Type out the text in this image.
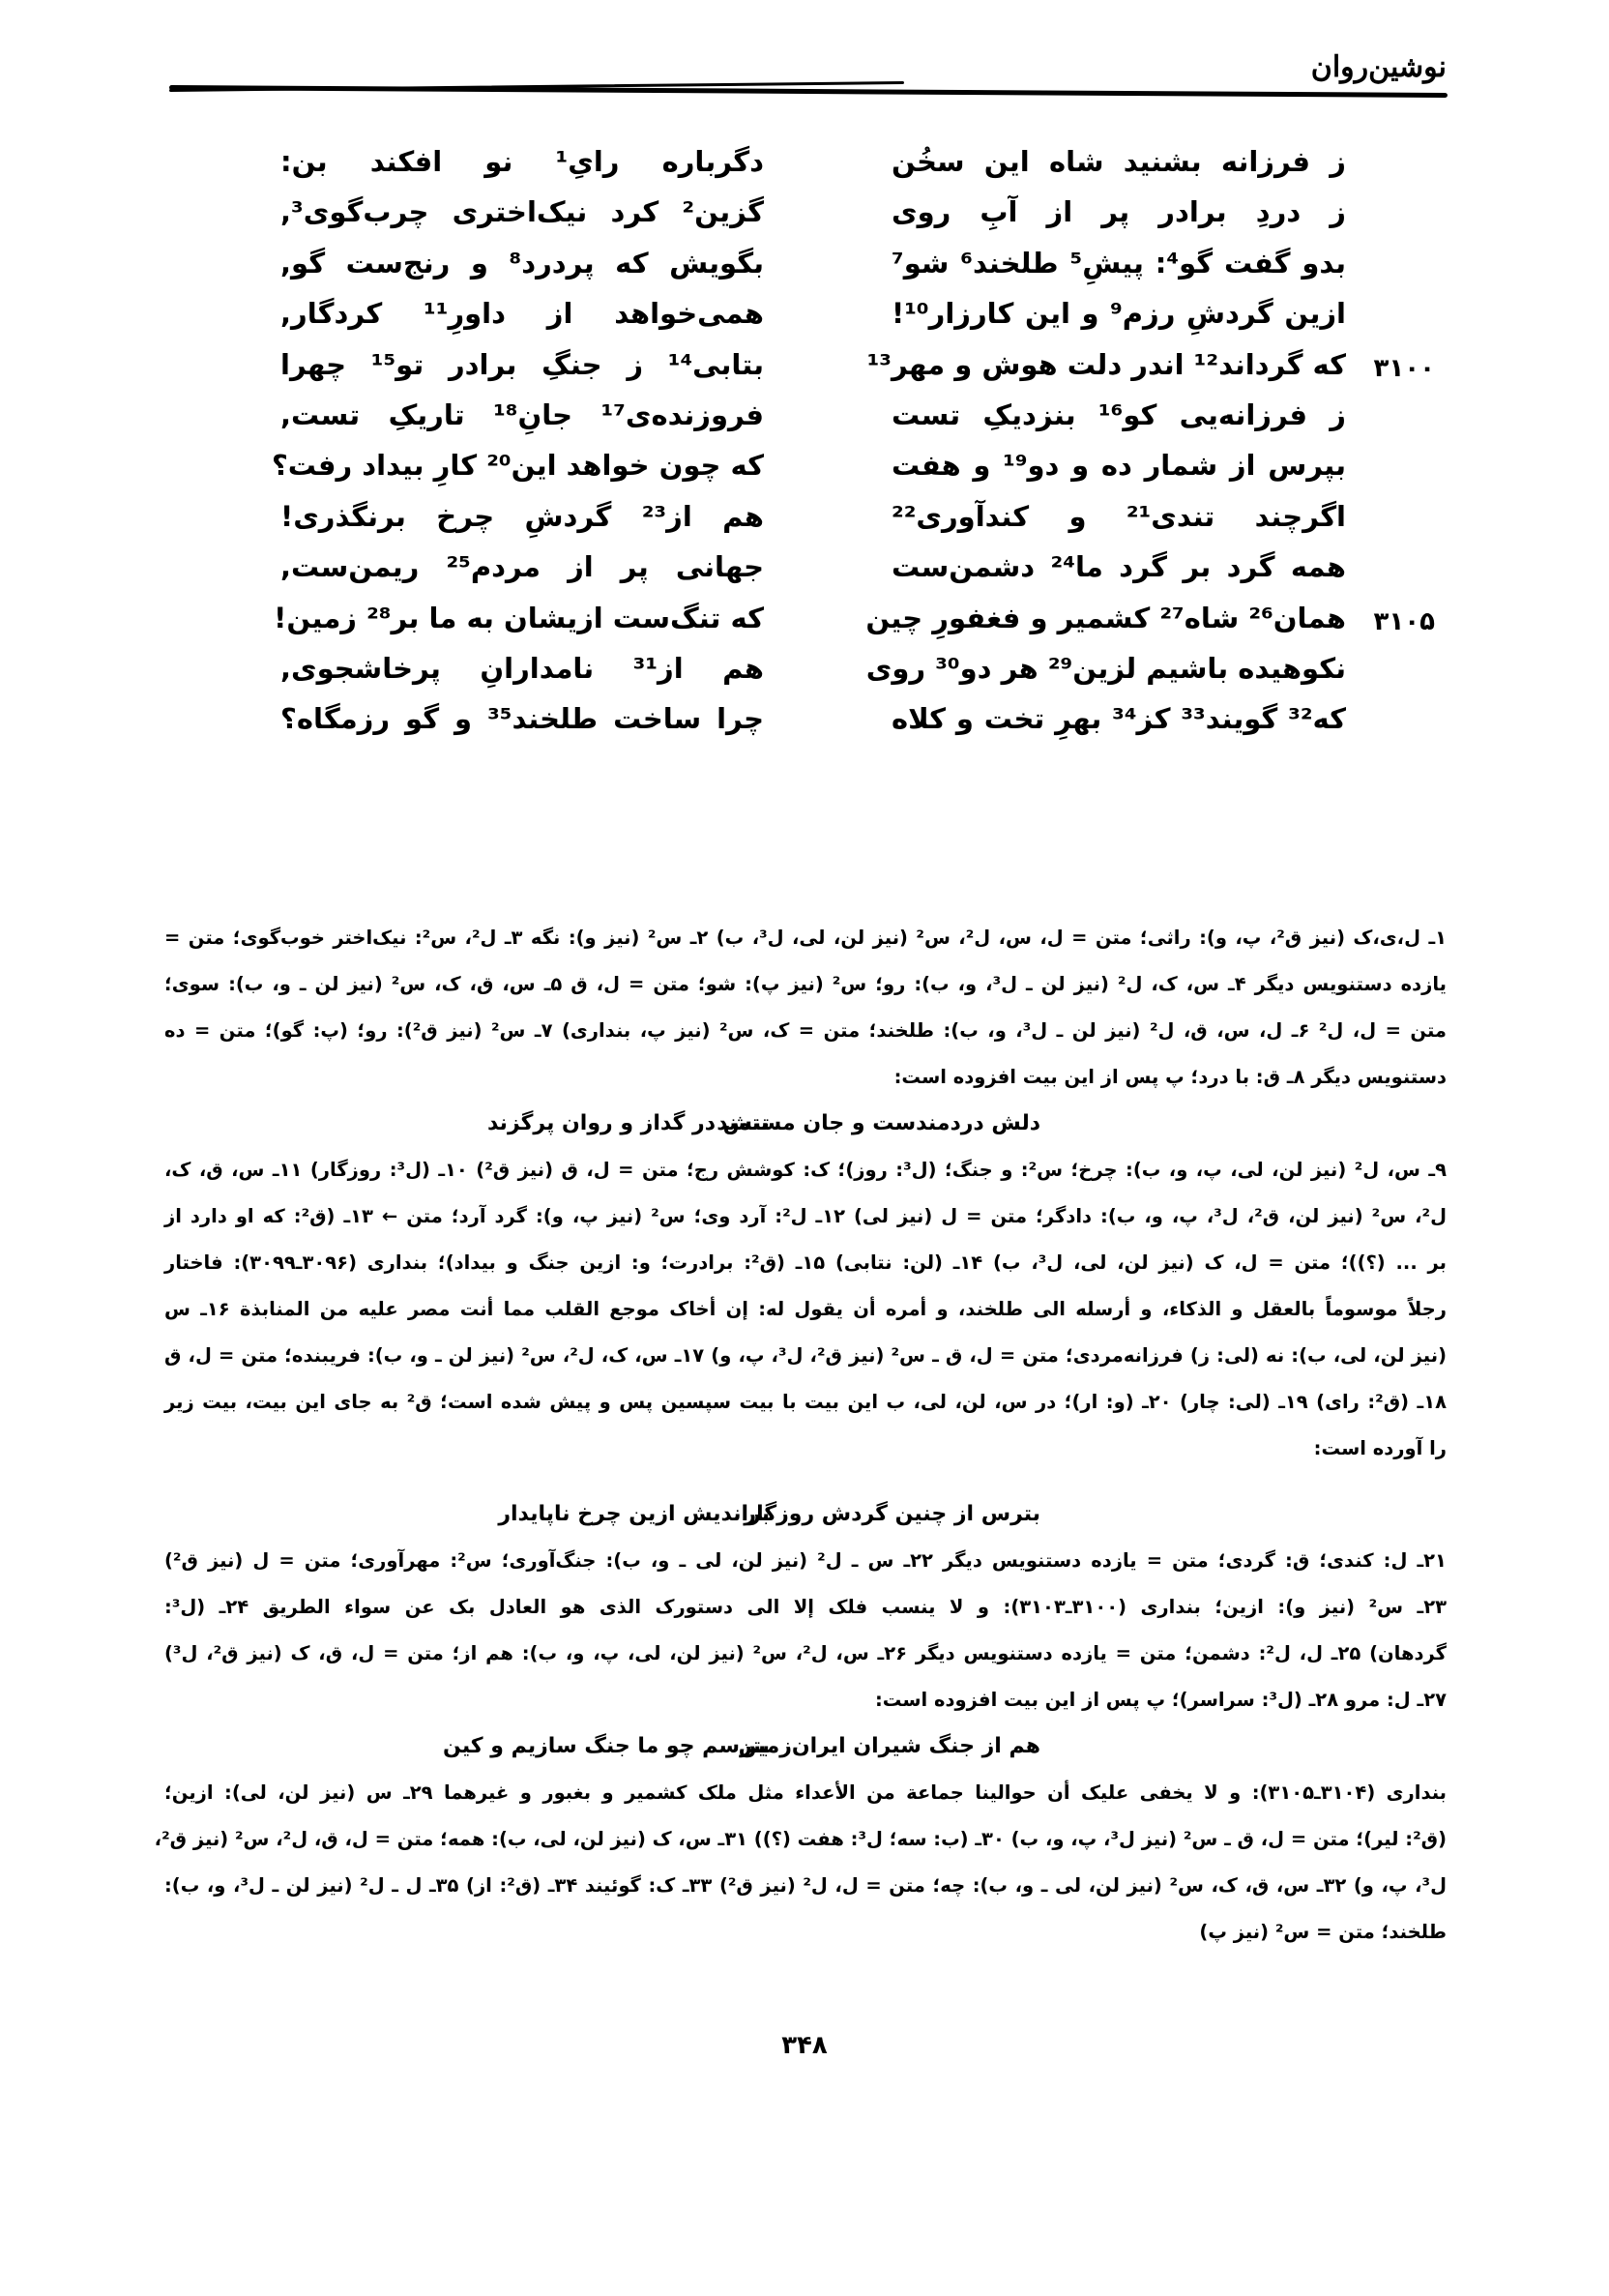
نوشین‌روان
ز فرزانه بشنید شاه این سخُن
دگرباره رایِ¹ نو افکند بن:
ز دردِ برادر پر از آبِ روی
گزین² کرد نیک‌اختری چرب‌گوی³,
بدو گفت گو⁴: پیشِ⁵ طلخند⁶ شو⁷
بگویش که پردرد⁸ و رنج‌ست گو,
ازین گردشِ رزم⁹ و این کارزار¹⁰!
همی‌خواهد از داورِ¹¹ کردگار,
۳۱۰۰
که گرداند¹² اندر دلت هوش و مهر¹³
بتابی¹⁴ ز جنگِ برادر تو¹⁵ چهرا
ز فرزانه‌یی کو¹⁶ بنزدیکِ تست
فروزنده‌ی¹⁷ جانِ¹⁸ تاریکِ تست,
بپرس از شمار ده و دو¹⁹ و هفت
که چون خواهد این²⁰ کارِ بیداد رفت؟
اگرچند تندی²¹ و کندآوری²²
هم از²³ گردشِ چرخ برنگذری!
همه گرد بر گرد ما²⁴ دشمن‌ست
جهانی پر از مردم²⁵ ریمن‌ست,
۳۱۰۵
همان²⁶ شاه²⁷ کشمیر و فغفورِ چین
که تنگ‌ست ازیشان به ما بر²⁸ زمین!
نکوهیده باشیم لزین²⁹ هر دو³⁰ روی
هم از³¹ نامدارانِ پرخاشجوی,
که³² گویند³³ کز³⁴ بهرِ تخت و کلاه
چرا ساخت طلخند³⁵ و گو رزمگاه؟
۱ـ ل،ی،ک (نیز ق²، پ، و): راثی؛ متن = ل، س، ل²، س² (نیز لن، لی، ل³، ب) ۲ـ س² (نیز و): نگه ۳ـ ل²، س²: نیک‌اختر خوب‌گوی؛ متن =
یازده دستنویس دیگر ۴ـ س، ک، ل² (نیز لن ـ ل³، و، ب): رو؛ س² (نیز پ): شو؛ متن = ل، ق ۵ـ س، ق، ک، س² (نیز لن ـ و، ب): سوی؛
متن = ل، ل² ۶ـ ل، س، ق، ل² (نیز لن ـ ل³، و، ب): طلخند؛ متن = ک، س² (نیز پ، بنداری) ۷ـ س² (نیز ق²): رو؛ (پ: گو)؛ متن = ده
دستنویس دیگر ۸ـ ق: با درد؛ پ پس از این بیت افزوده است:
دلش دردمندست و جان مستمند
تنش در گداز و روان پرگزند
۹ـ س، ل² (نیز لن، لی، پ، و، ب): چرخ؛ س²: و جنگ؛ (ل³: روز)؛ ک: کوشش رج؛ متن = ل، ق (نیز ق²) ۱۰ـ (ل³: روزگار) ۱۱ـ س، ق، ک،
ل²، س² (نیز لن، ق²، ل³، پ، و، ب): دادگر؛ متن = ل (نیز لی) ۱۲ـ ل²: آرد وی؛ س² (نیز پ، و): گرد آرد؛ متن ← ۱۳ـ (ق²: که او دارد از
بر ... (؟))؛ متن = ل، ک (نیز لن، لی، ل³، ب) ۱۴ـ (لن: نتابی) ۱۵ـ (ق²: برادرت؛ و: ازین جنگ و بیداد)؛ بنداری (۳۰۹۶ـ۳۰۹۹): فاختار
رجلاً موسوماً بالعقل و الذکاء، و أرسله الی طلخند، و أمره أن یقول له: إن أخاک موجع القلب مما أنت مصر علیه من المنابذة ۱۶ـ س
(نیز لن، لی، ب): نه (لی: ز) فرزانه‌مردی؛ متن = ل، ق ـ س² (نیز ق²، ل³، پ، و) ۱۷ـ س، ک، ل²، س² (نیز لن ـ و، ب): فریبنده؛ متن = ل، ق
۱۸ـ (ق²: رای) ۱۹ـ (لی: چار) ۲۰ـ (و: ار)؛ در س، لن، لی، ب این بیت با بیت سپسین پس و پیش شده است؛ ق² به جای این بیت، بیت زیر
را آورده است:
بترس از چنین گردش روزگار
براندیش ازین چرخ ناپایدار
۲۱ـ ل: کندی؛ ق: گردی؛ متن = یازده دستنویس دیگر ۲۲ـ س ـ ل² (نیز لن، لی ـ و، ب): جنگ‌آوری؛ س²: مهرآوری؛ متن = ل (نیز ق²)
۲۳ـ س² (نیز و): ازین؛ بنداری (۳۱۰۰ـ۳۱۰۳): و لا ینسب فلک إلا الی دستورک الذی هو العادل بک عن سواء الطریق ۲۴ـ (ل³:
گردهان) ۲۵ـ ل، ل²: دشمن؛ متن = یازده دستنویس دیگر ۲۶ـ س، ل²، س² (نیز لن، لی، پ، و، ب): هم از؛ متن = ل، ق، ک (نیز ق²، ل³)
۲۷ـ ل: مرو ۲۸ـ (ل³: سراسر)؛ پ پس از این بیت افزوده است:
هم از جنگ شیران ایران‌زمین
بترسم چو ما جنگ سازیم و کین
بنداری (۳۱۰۴ـ۳۱۰۵): و لا یخفی علیک أن حوالینا جماعة من الأعداء مثل ملک کشمیر و بغبور و غیرهما ۲۹ـ س (نیز لن، لی): ازین؛
(ق²: لیر)؛ متن = ل، ق ـ س² (نیز ل³، پ، و، ب) ۳۰ـ (ب: سه؛ ل³: هفت (؟)) ۳۱ـ س، ک (نیز لن، لی، ب): همه؛ متن = ل، ق، ل²، س² (نیز ق²،
ل³، پ، و) ۳۲ـ س، ق، ک، س² (نیز لن، لی ـ و، ب): چه؛ متن = ل، ل² (نیز ق²) ۳۳ـ ک: گوئیند ۳۴ـ (ق²: از) ۳۵ـ ل ـ ل² (نیز لن ـ ل³، و، ب):
طلخند؛ متن = س² (نیز پ)
۳۴۸
